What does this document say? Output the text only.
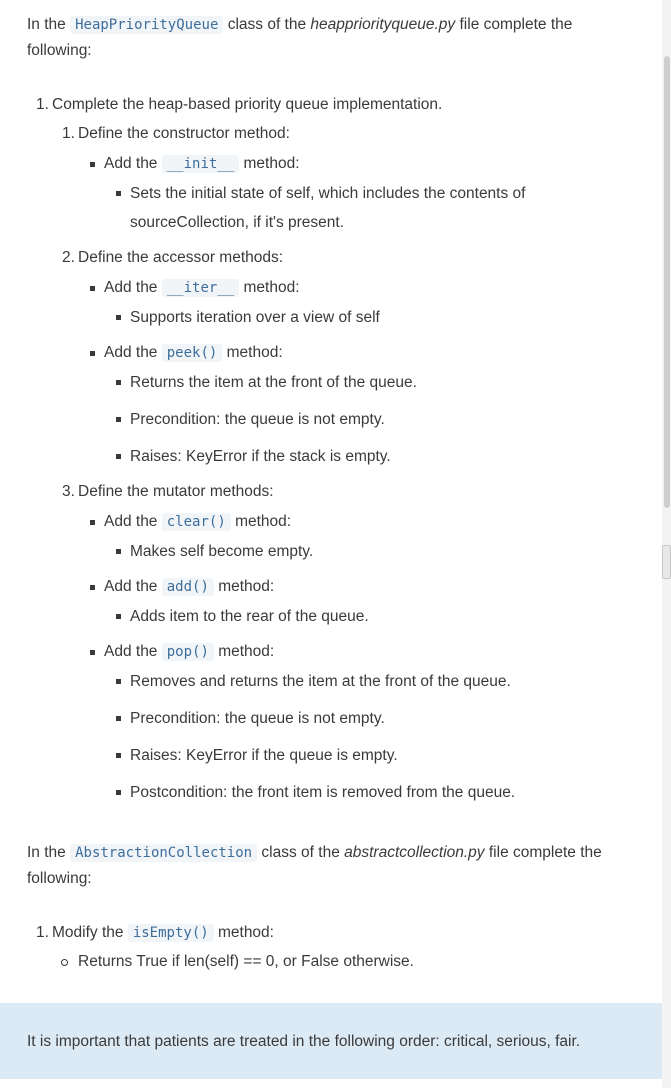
In the HeapPriorityQueue class of the heappriorityqueue.py file complete the following:

1. Complete the heap-based priority queue implementation.
1. Define the constructor method:
Add the __init__ method:
Sets the initial state of self, which includes the contents of sourceCollection, if it's present.
2. Define the accessor methods:
Add the __iter__ method:
Supports iteration over a view of self
Add the peek() method:
Returns the item at the front of the queue.
Precondition: the queue is not empty.
Raises: KeyError if the stack is empty.
3. Define the mutator methods:
Add the clear() method:
Makes self become empty.
Add the add() method:
Adds item to the rear of the queue.
Add the pop() method:
Removes and returns the item at the front of the queue.
Precondition: the queue is not empty.
Raises: KeyError if the queue is empty.
Postcondition: the front item is removed from the queue.

In the AbstractionCollection class of the abstractcollection.py file complete the following:

1. Modify the isEmpty() method:
Returns True if len(self) == 0, or False otherwise.

It is important that patients are treated in the following order: critical, serious, fair.
